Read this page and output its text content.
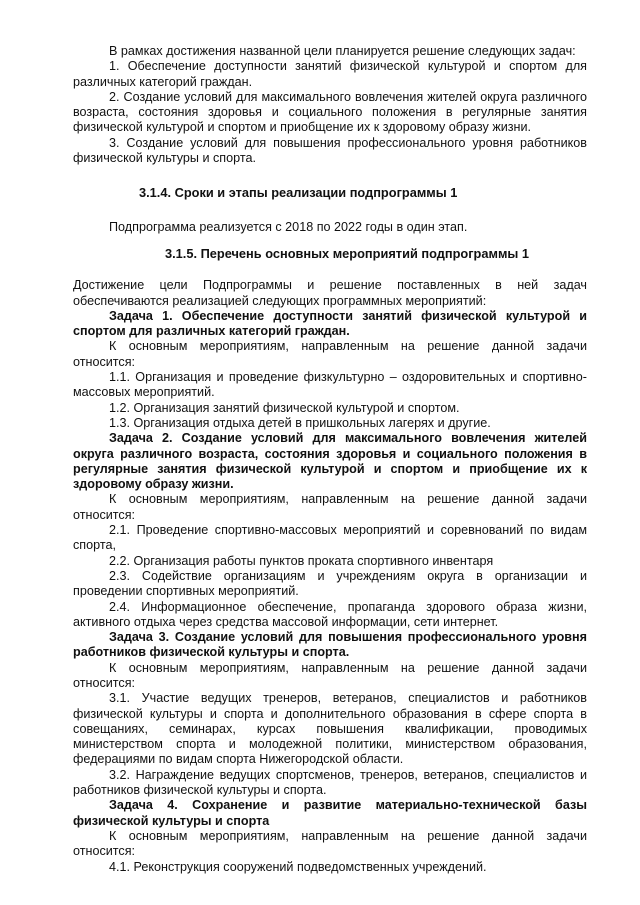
В рамках достижения названной цели планируется решение следующих задач:

1. Обеспечение доступности занятий физической культурой и спортом для различных категорий граждан.

2. Создание условий для максимального вовлечения жителей округа различного возраста, состояния здоровья и социального положения в регулярные занятия физической культурой и спортом и приобщение их к здоровому образу жизни.

3. Создание условий для повышения профессионального уровня работников физической культуры и спорта.

3.1.4. Сроки и этапы реализации подпрограммы 1

Подпрограмма реализуется с 2018 по 2022 годы в один этап.

3.1.5. Перечень основных мероприятий подпрограммы 1

Достижение цели Подпрограммы и решение поставленных в ней задач обеспечиваются реализацией следующих программных мероприятий:

Задача 1. Обеспечение доступности занятий физической культурой и спортом для различных категорий граждан.

К основным мероприятиям, направленным на решение данной задачи относится:

1.1. Организация и проведение физкультурно – оздоровительных и спортивно-массовых мероприятий.

1.2. Организация занятий физической культурой и спортом.

1.3. Организация отдыха детей в пришкольных лагерях и другие.

Задача 2. Создание условий для максимального вовлечения жителей округа различного возраста, состояния здоровья и социального положения в регулярные занятия физической культурой и спортом и приобщение их к здоровому образу жизни.

К основным мероприятиям, направленным на решение данной задачи относится:

2.1. Проведение спортивно-массовых мероприятий и соревнований по видам спорта,

2.2. Организация работы пунктов проката спортивного инвентаря

2.3. Содействие организациям и учреждениям округа в организации и проведении спортивных мероприятий.

2.4. Информационное обеспечение, пропаганда здорового образа жизни, активного отдыха через средства массовой информации, сети интернет.

Задача 3. Создание условий для повышения профессионального уровня работников физической культуры и спорта.

К основным мероприятиям, направленным на решение данной задачи относится:

3.1. Участие ведущих тренеров, ветеранов, специалистов и работников физической культуры и спорта и дополнительного образования в сфере спорта в совещаниях, семинарах, курсах повышения квалификации, проводимых министерством спорта и молодежной политики, министерством образования, федерациями по видам спорта Нижегородской области.

3.2. Награждение ведущих спортсменов, тренеров, ветеранов, специалистов и работников физической культуры и спорта.

Задача 4. Сохранение и развитие материально-технической базы физической культуры и спорта

К основным мероприятиям, направленным на решение данной задачи относится:

4.1. Реконструкция сооружений подведомственных учреждений.
